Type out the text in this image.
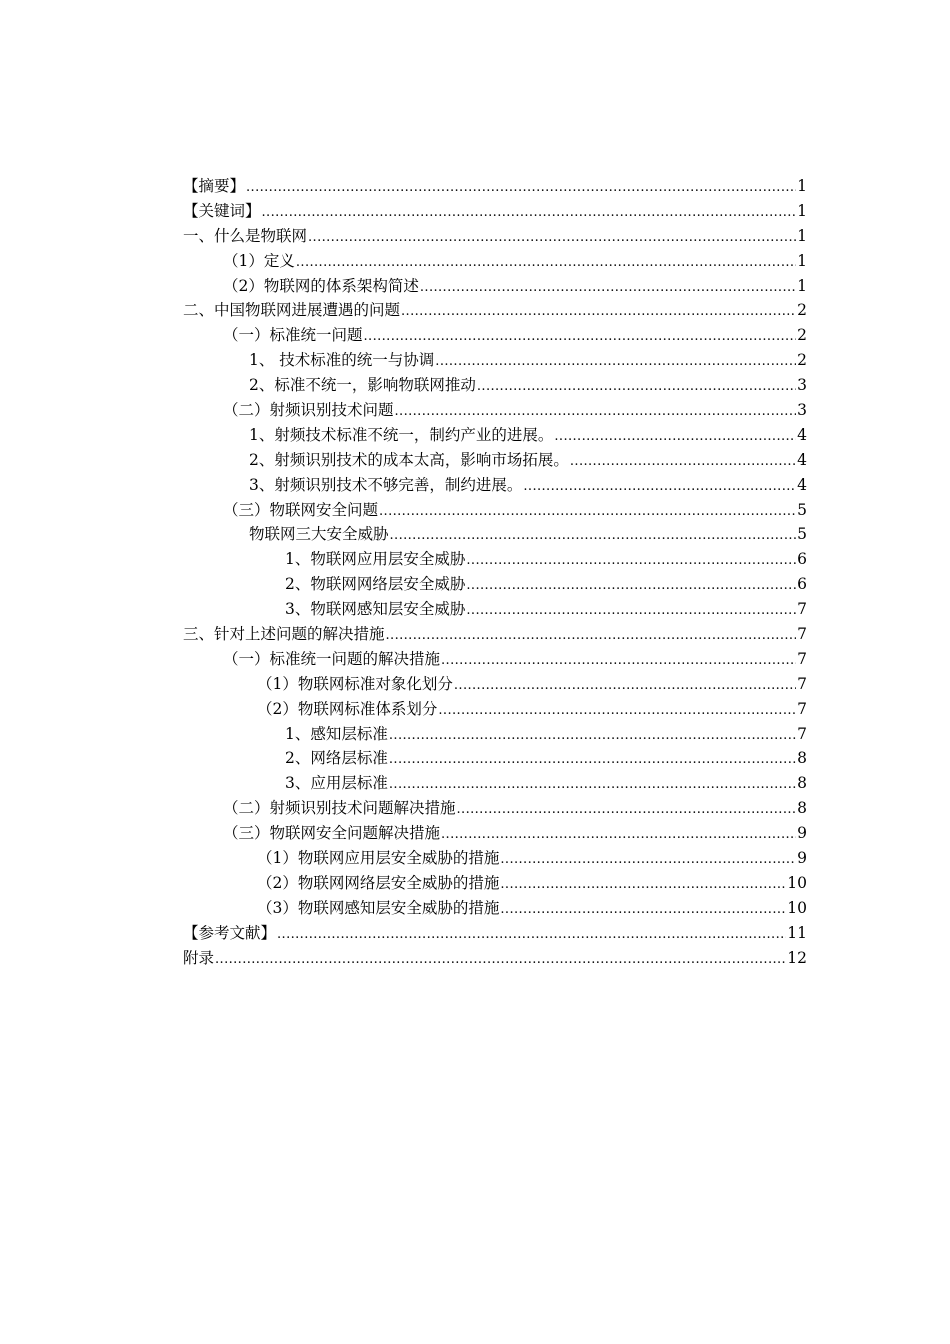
【摘要】 .....	1
【关键词】 .....	1
一、什么是物联网 .....	1
（1）定义 .....	1
（2）物联网的体系架构简述 .....	1
二、中国物联网进展遭遇的问题 .....	2
（一）标准统一问题 .....	2
1、 技术标准的统一与协调 .....	2
2、标准不统一，影响物联网推动 .....	3
（二）射频识别技术问题 .....	3
1、射频技术标准不统一，制约产业的进展。 .....	4
2、射频识别技术的成本太高，影响市场拓展。 .....	4
3、射频识别技术不够完善，制约进展。 .....	4
（三）物联网安全问题 .....	5
物联网三大安全威胁 .....	5
1、物联网应用层安全威胁 .....	6
2、物联网网络层安全威胁 .....	6
3、物联网感知层安全威胁 .....	7
三、针对上述问题的解决措施 .....	7
（一）标准统一问题的解决措施 .....	7
（1）物联网标准对象化划分 .....	7
（2）物联网标准体系划分 .....	7
1、感知层标准 .....	7
2、网络层标准 .....	8
3、应用层标准 .....	8
（二）射频识别技术问题解决措施 .....	8
（三）物联网安全问题解决措施 .....	9
（1）物联网应用层安全威胁的措施 .....	9
（2）物联网网络层安全威胁的措施 .....	10
（3）物联网感知层安全威胁的措施 .....	10
【参考文献】 .....	11
附录 .....	12
